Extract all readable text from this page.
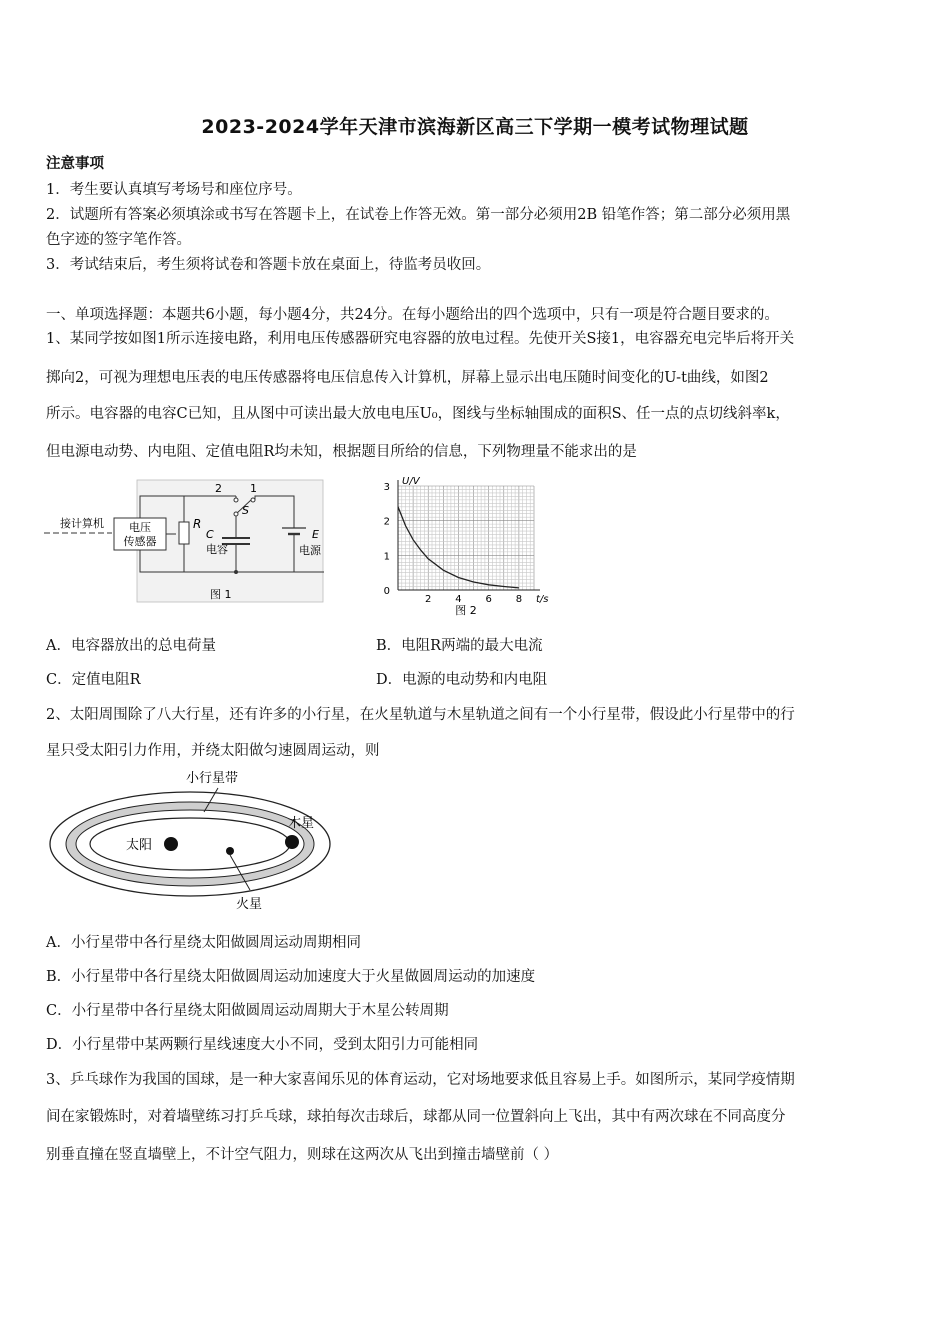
2023-2024学年天津市滨海新区高三下学期一模考试物理试题
注意事项
1．考生要认真填写考场号和座位序号。
2．试题所有答案必须填涂或书写在答题卡上，在试卷上作答无效。第一部分必须用2B 铅笔作答；第二部分必须用黑
色字迹的签字笔作答。
3．考试结束后，考生须将试卷和答题卡放在桌面上，待监考员收回。
一、单项选择题：本题共6小题，每小题4分，共24分。在每小题给出的四个选项中，只有一项是符合题目要求的。
1、某同学按如图1所示连接电路，利用电压传感器研究电容器的放电过程。先使开关S接1，电容器充电完毕后将开关
掷向2，可视为理想电压表的电压传感器将电压信息传入计算机，屏幕上显示出电压随时间变化的U-t曲线，如图2
所示。电容器的电容C已知，且从图中可读出最大放电电压U₀，图线与坐标轴围成的面积S、任一点的点切线斜率k，
但电源电动势、内电阻、定值电阻R均未知，根据题目所给的信息，下列物理量不能求出的是
接计算机 电压
传感器
R
2	1
S
C
电容
E
电源
图 1	0
1
2
3
2 4 6 8
U/V
t/s
图 2
A．电容器放出的总电荷量	B．电阻R两端的最大电流
C．定值电阻R	D．电源的电动势和内电阻
2、太阳周围除了八大行星，还有许多的小行星，在火星轨道与木星轨道之间有一个小行星带，假设此小行星带中的行
星只受太阳引力作用，并绕太阳做匀速圆周运动，则
小行星带
木星
太阳
火星
A．小行星带中各行星绕太阳做圆周运动周期相同
B．小行星带中各行星绕太阳做圆周运动加速度大于火星做圆周运动的加速度
C．小行星带中各行星绕太阳做圆周运动周期大于木星公转周期
D．小行星带中某两颗行星线速度大小不同，受到太阳引力可能相同
3、乒乓球作为我国的国球，是一种大家喜闻乐见的体育运动，它对场地要求低且容易上手。如图所示，某同学疫情期
间在家锻炼时，对着墙壁练习打乒乓球，球拍每次击球后，球都从同一位置斜向上飞出，其中有两次球在不同高度分
别垂直撞在竖直墙壁上，不计空气阻力，则球在这两次从飞出到撞击墙壁前（ ）
